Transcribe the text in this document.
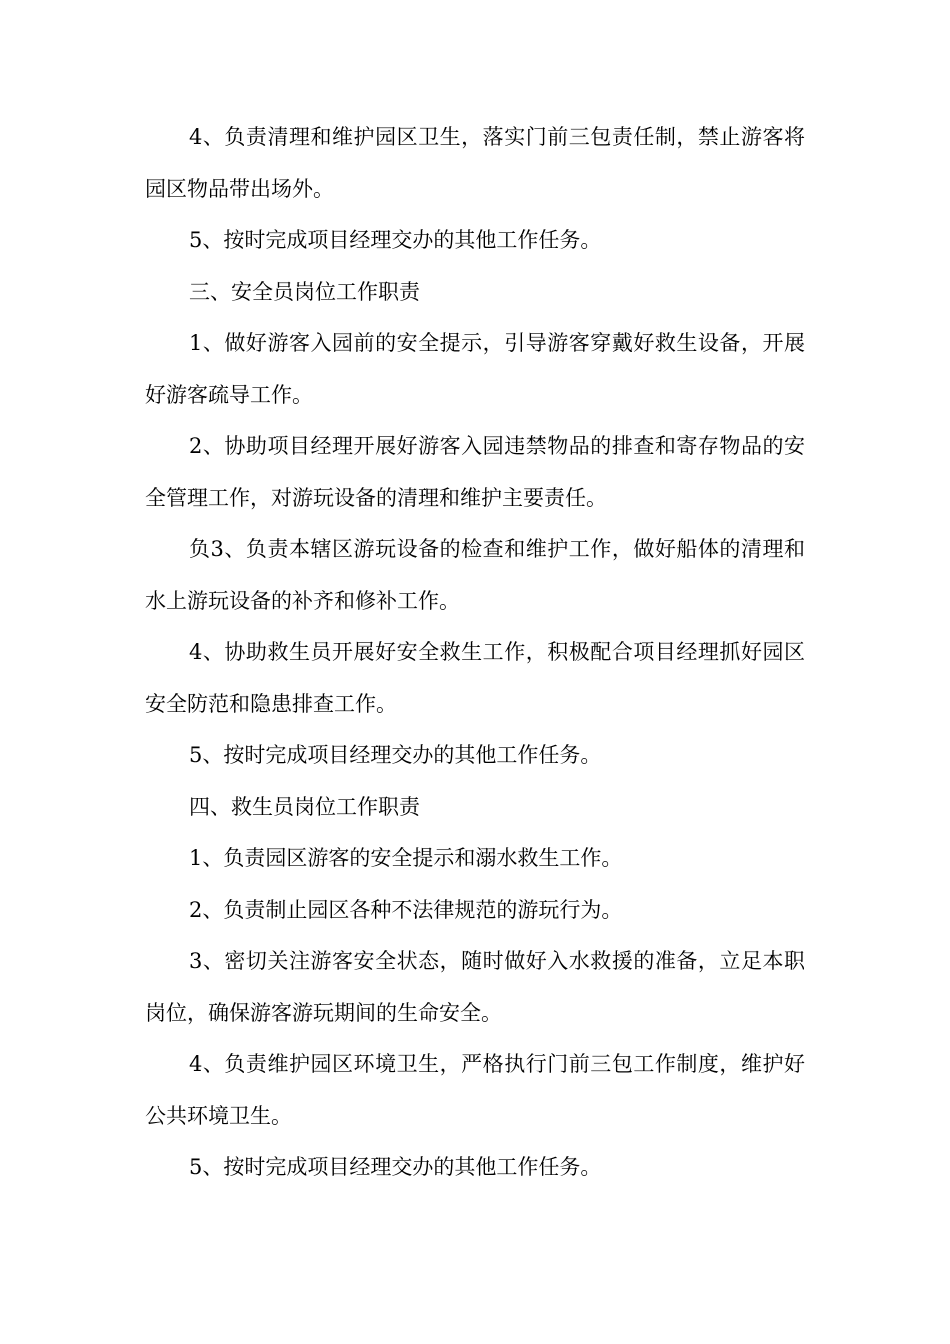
4、负责清理和维护园区卫生，落实门前三包责任制，禁止游客将园区物品带出场外。

5、按时完成项目经理交办的其他工作任务。

三、安全员岗位工作职责

1、做好游客入园前的安全提示，引导游客穿戴好救生设备，开展好游客疏导工作。

2、协助项目经理开展好游客入园违禁物品的排查和寄存物品的安全管理工作，对游玩设备的清理和维护主要责任。

负3、负责本辖区游玩设备的检查和维护工作，做好船体的清理和水上游玩设备的补齐和修补工作。

4、协助救生员开展好安全救生工作，积极配合项目经理抓好园区安全防范和隐患排查工作。

5、按时完成项目经理交办的其他工作任务。

四、救生员岗位工作职责

1、负责园区游客的安全提示和溺水救生工作。

2、负责制止园区各种不法律规范的游玩行为。

3、密切关注游客安全状态，随时做好入水救援的准备，立足本职岗位，确保游客游玩期间的生命安全。

4、负责维护园区环境卫生，严格执行门前三包工作制度，维护好公共环境卫生。

5、按时完成项目经理交办的其他工作任务。
